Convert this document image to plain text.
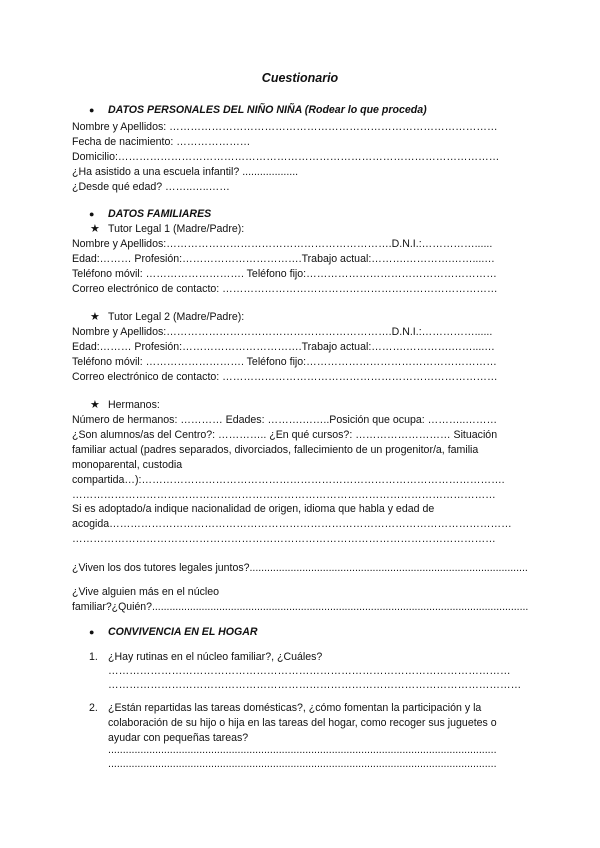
Cuestionario
● DATOS PERSONALES DEL NIÑO NIÑA (Rodear lo que proceda)
Nombre y Apellidos: …………………………………………………………………………………
Fecha de nacimiento: …………………
Domicilio:………………………………………………………………………………………………
¿Ha asistido a una escuela infantil? ...................
¿Desde qué edad? ……..…..……
● DATOS FAMILIARES
★ Tutor Legal 1 (Madre/Padre):
Nombre y Apellidos:……………………………………………………….D.N.I.:……………......
Edad:……… Profesión:…………………………….Trabajo actual:……….………….……....…
Teléfono móvil: ………………………. Teléfono fijo:………………………………………………
Correo electrónico de contacto: ……………………………………………………………………
★ Tutor Legal 2 (Madre/Padre):
Nombre y Apellidos:……………………………………………………….D.N.I.:……………......
Edad:……… Profesión:…………………………….Trabajo actual:……….………….……....…
Teléfono móvil: ………………………. Teléfono fijo:………………………………………………
Correo electrónico de contacto: ……………………………………………………………………
★ Hermanos:
Número de hermanos: ………… Edades: ……….……..Posición que ocupa: ………..………
¿Son alumnos/as del Centro?: ………….. ¿En qué cursos?: ……………………… Situación
familiar actual (padres separados, divorciados, fallecimiento de un progenitor/a, familia
monoparental, custodia
compartida…):………………………………………………………………………………………….
…………………………………………………………………………………………………………
Si es adoptado/a indique nacionalidad de origen, idioma que habla y edad de
acogida……………………………………………………………………………………………………
…………………………………………………………………………………………………………
¿Viven los dos tutores legales juntos?...............................................................................................
¿Vive alguien más en el núcleo
familiar?¿Quién?.................................................................................................................................
● CONVIVENCIA EN EL HOGAR
1. ¿Hay rutinas en el núcleo familiar?, ¿Cuáles?
……………………………………………………………………………………………………
………………………………………………………………………………………………………
2. ¿Están repartidas las tareas domésticas?, ¿cómo fomentan la participación y la
colaboración de su hijo o hija en las tareas del hogar, como recoger sus juguetes o
ayudar con pequeñas tareas?
....................................................................................................................................
....................................................................................................................................
